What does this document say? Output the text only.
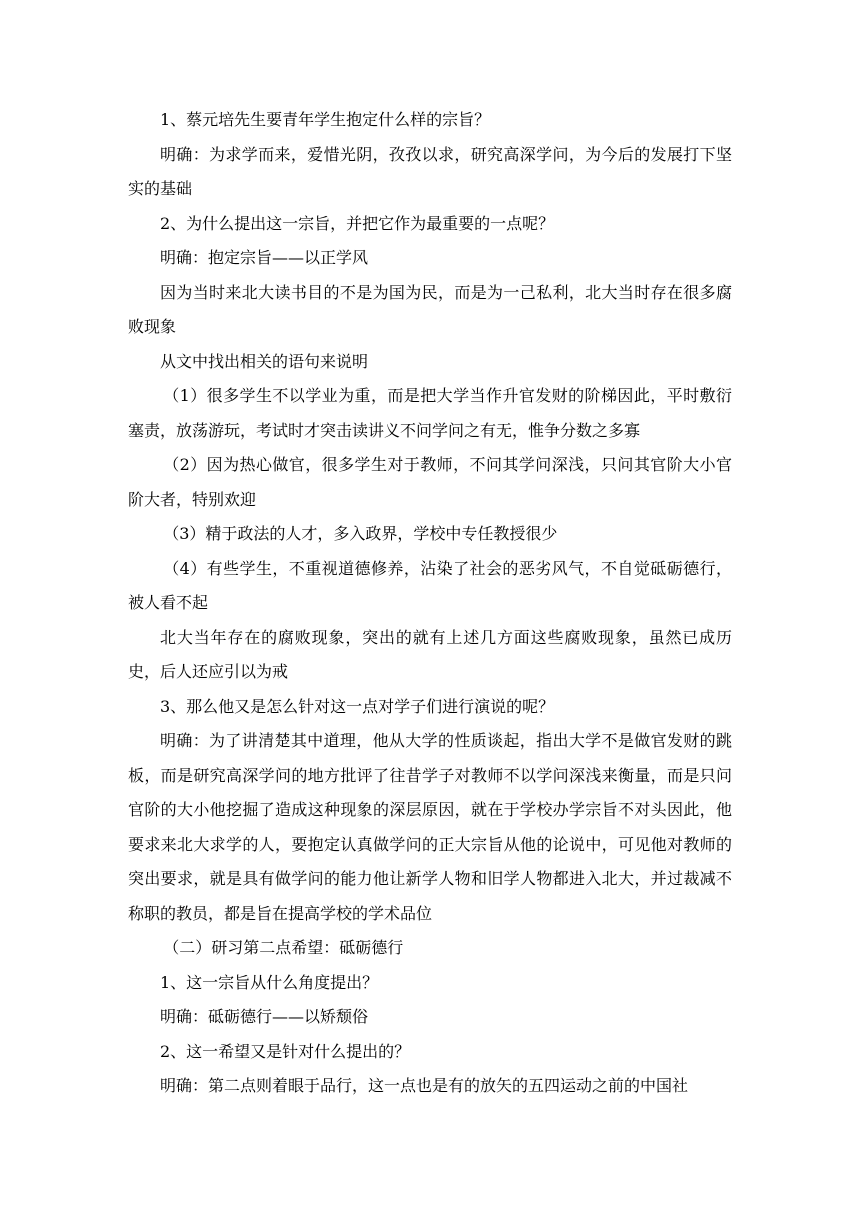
1、蔡元培先生要青年学生抱定什么样的宗旨？

明确：为求学而来，爱惜光阴，孜孜以求，研究高深学问，为今后的发展打下坚实的基础

2、为什么提出这一宗旨，并把它作为最重要的一点呢？

明确：抱定宗旨——以正学风

因为当时来北大读书目的不是为国为民，而是为一己私利，北大当时存在很多腐败现象

从文中找出相关的语句来说明

（1）很多学生不以学业为重，而是把大学当作升官发财的阶梯因此，平时敷衍塞责，放荡游玩，考试时才突击读讲义不问学问之有无，惟争分数之多寡

（2）因为热心做官，很多学生对于教师，不问其学问深浅，只问其官阶大小官阶大者，特别欢迎

（3）精于政法的人才，多入政界，学校中专任教授很少

（4）有些学生，不重视道德修养，沾染了社会的恶劣风气，不自觉砥砺德行，被人看不起

北大当年存在的腐败现象，突出的就有上述几方面这些腐败现象，虽然已成历史，后人还应引以为戒

3、那么他又是怎么针对这一点对学子们进行演说的呢？

明确：为了讲清楚其中道理，他从大学的性质谈起，指出大学不是做官发财的跳板，而是研究高深学问的地方批评了往昔学子对教师不以学问深浅来衡量，而是只问官阶的大小他挖掘了造成这种现象的深层原因，就在于学校办学宗旨不对头因此，他要求来北大求学的人，要抱定认真做学问的正大宗旨从他的论说中，可见他对教师的突出要求，就是具有做学问的能力他让新学人物和旧学人物都进入北大，并过裁减不称职的教员，都是旨在提高学校的学术品位

（二）研习第二点希望：砥砺德行

1、这一宗旨从什么角度提出？

明确：砥砺德行——以矫颓俗

2、这一希望又是针对什么提出的？

明确：第二点则着眼于品行，这一点也是有的放矢的五四运动之前的中国社
